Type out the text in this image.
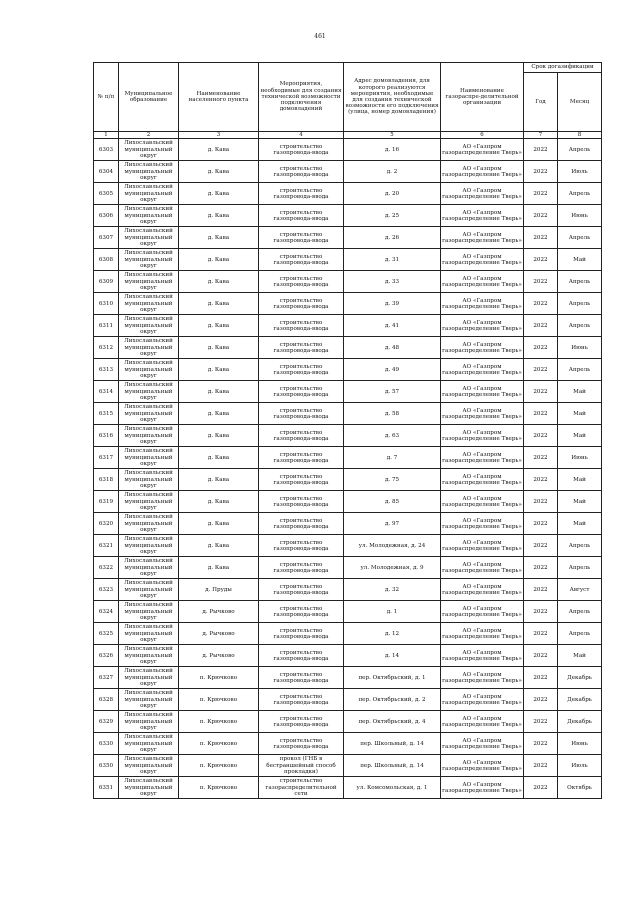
461
№ п/п	Муниципальное образование	Наименование населенного пункта	Мероприятия, необходимые для создания технической возможности подключения домовладений	Адрес домовладения, для которого реализуются мероприятия, необходимые для создания технической возможности его подключения (улица, номер домовладения)	Наименование газораспре-делительной организации	Срок догазификации	
						Год	Месяц
1	2	3	4	5	6	7	8
6303	Лихославльский муниципальный округ	д. Кава	строительство газопровода-ввода	д. 16	АО «Газпром газораспределение Тверь»	2022	Апрель
6304	Лихославльский муниципальный округ	д. Кава	строительство газопровода-ввода	д. 2	АО «Газпром газораспределение Тверь»	2022	Июль
6305	Лихославльский муниципальный округ	д. Кава	строительство газопровода-ввода	д. 20	АО «Газпром газораспределение Тверь»	2022	Апрель
6306	Лихославльский муниципальный округ	д. Кава	строительство газопровода-ввода	д. 25	АО «Газпром газораспределение Тверь»	2022	Июнь
6307	Лихославльский муниципальный округ	д. Кава	строительство газопровода-ввода	д. 26	АО «Газпром газораспределение Тверь»	2022	Апрель
6308	Лихославльский муниципальный округ	д. Кава	строительство газопровода-ввода	д. 31	АО «Газпром газораспределение Тверь»	2022	Май
6309	Лихославльский муниципальный округ	д. Кава	строительство газопровода-ввода	д. 33	АО «Газпром газораспределение Тверь»	2022	Апрель
6310	Лихославльский муниципальный округ	д. Кава	строительство газопровода-ввода	д. 39	АО «Газпром газораспределение Тверь»	2022	Апрель
6311	Лихославльский муниципальный округ	д. Кава	строительство газопровода-ввода	д. 41	АО «Газпром газораспределение Тверь»	2022	Апрель
6312	Лихославльский муниципальный округ	д. Кава	строительство газопровода-ввода	д. 48	АО «Газпром газораспределение Тверь»	2022	Июнь
6313	Лихославльский муниципальный округ	д. Кава	строительство газопровода-ввода	д. 49	АО «Газпром газораспределение Тверь»	2022	Апрель
6314	Лихославльский муниципальный округ	д. Кава	строительство газопровода-ввода	д. 57	АО «Газпром газораспределение Тверь»	2022	Май
6315	Лихославльский муниципальный округ	д. Кава	строительство газопровода-ввода	д. 58	АО «Газпром газораспределение Тверь»	2022	Май
6316	Лихославльский муниципальный округ	д. Кава	строительство газопровода-ввода	д. 63	АО «Газпром газораспределение Тверь»	2022	Май
6317	Лихославльский муниципальный округ	д. Кава	строительство газопровода-ввода	д. 7	АО «Газпром газораспределение Тверь»	2022	Июнь
6318	Лихославльский муниципальный округ	д. Кава	строительство газопровода-ввода	д. 75	АО «Газпром газораспределение Тверь»	2022	Май
6319	Лихославльский муниципальный округ	д. Кава	строительство газопровода-ввода	д. 85	АО «Газпром газораспределение Тверь»	2022	Май
6320	Лихославльский муниципальный округ	д. Кава	строительство газопровода-ввода	д. 97	АО «Газпром газораспределение Тверь»	2022	Май
6321	Лихославльский муниципальный округ	д. Кава	строительство газопровода-ввода	ул. Молодежная, д. 24	АО «Газпром газораспределение Тверь»	2022	Апрель
6322	Лихославльский муниципальный округ	д. Кава	строительство газопровода-ввода	ул. Молодежная, д. 9	АО «Газпром газораспределение Тверь»	2022	Апрель
6323	Лихославльский муниципальный округ	д. Пруды	строительство газопровода-ввода	д. 32	АО «Газпром газораспределение Тверь»	2022	Август
6324	Лихославльский муниципальный округ	д. Рычково	строительство газопровода-ввода	д. 1	АО «Газпром газораспределение Тверь»	2022	Апрель
6325	Лихославльский муниципальный округ	д. Рычково	строительство газопровода-ввода	д. 12	АО «Газпром газораспределение Тверь»	2022	Апрель
6326	Лихославльский муниципальный округ	д. Рычково	строительство газопровода-ввода	д. 14	АО «Газпром газораспределение Тверь»	2022	Май
6327	Лихославльский муниципальный округ	п. Крючково	строительство газопровода-ввода	пер. Октябрьский, д. 1	АО «Газпром газораспределение Тверь»	2022	Декабрь
6328	Лихославльский муниципальный округ	п. Крючково	строительство газопровода-ввода	пер. Октябрьский, д. 2	АО «Газпром газораспределение Тверь»	2022	Декабрь
6329	Лихославльский муниципальный округ	п. Крючково	строительство газопровода-ввода	пер. Октябрьский, д. 4	АО «Газпром газораспределение Тверь»	2022	Декабрь
6330	Лихославльский муниципальный округ	п. Крючково	строительство газопровода-ввода	пер. Школьный, д. 14	АО «Газпром газораспределение Тверь»	2022	Июнь
6350	Лихославльский муниципальный округ	п. Крючково	прокол (ГНБ в бестраншейный способ прокладки)	пер. Школьный, д. 14	АО «Газпром газораспределение Тверь»	2022	Июль
6351	Лихославльский муниципальный округ	п. Крючково	строительство газораспределительной сети	ул. Комсомольская, д. 1	АО «Газпром газораспределение Тверь»	2022	Октябрь
